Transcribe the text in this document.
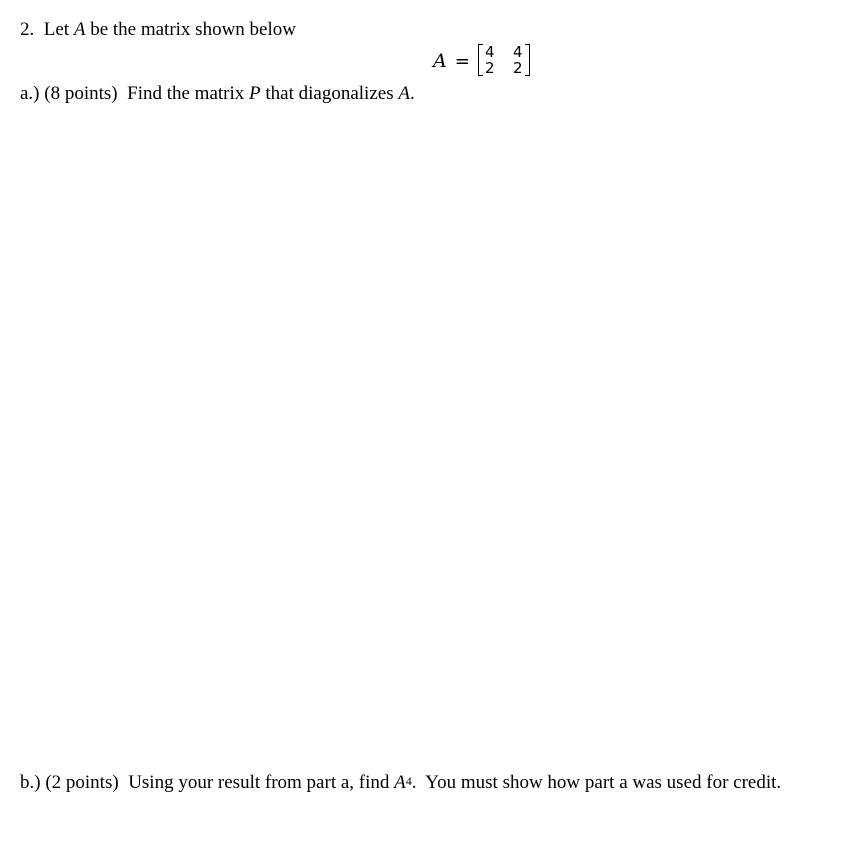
2. Let A be the matrix shown below
A = 4 4
2 2
a.) (8 points) Find the matrix P that diagonalizes A.
b.) (2 points) Using your result from part a, find $A^4$.  You must show how part a was used for credit.
